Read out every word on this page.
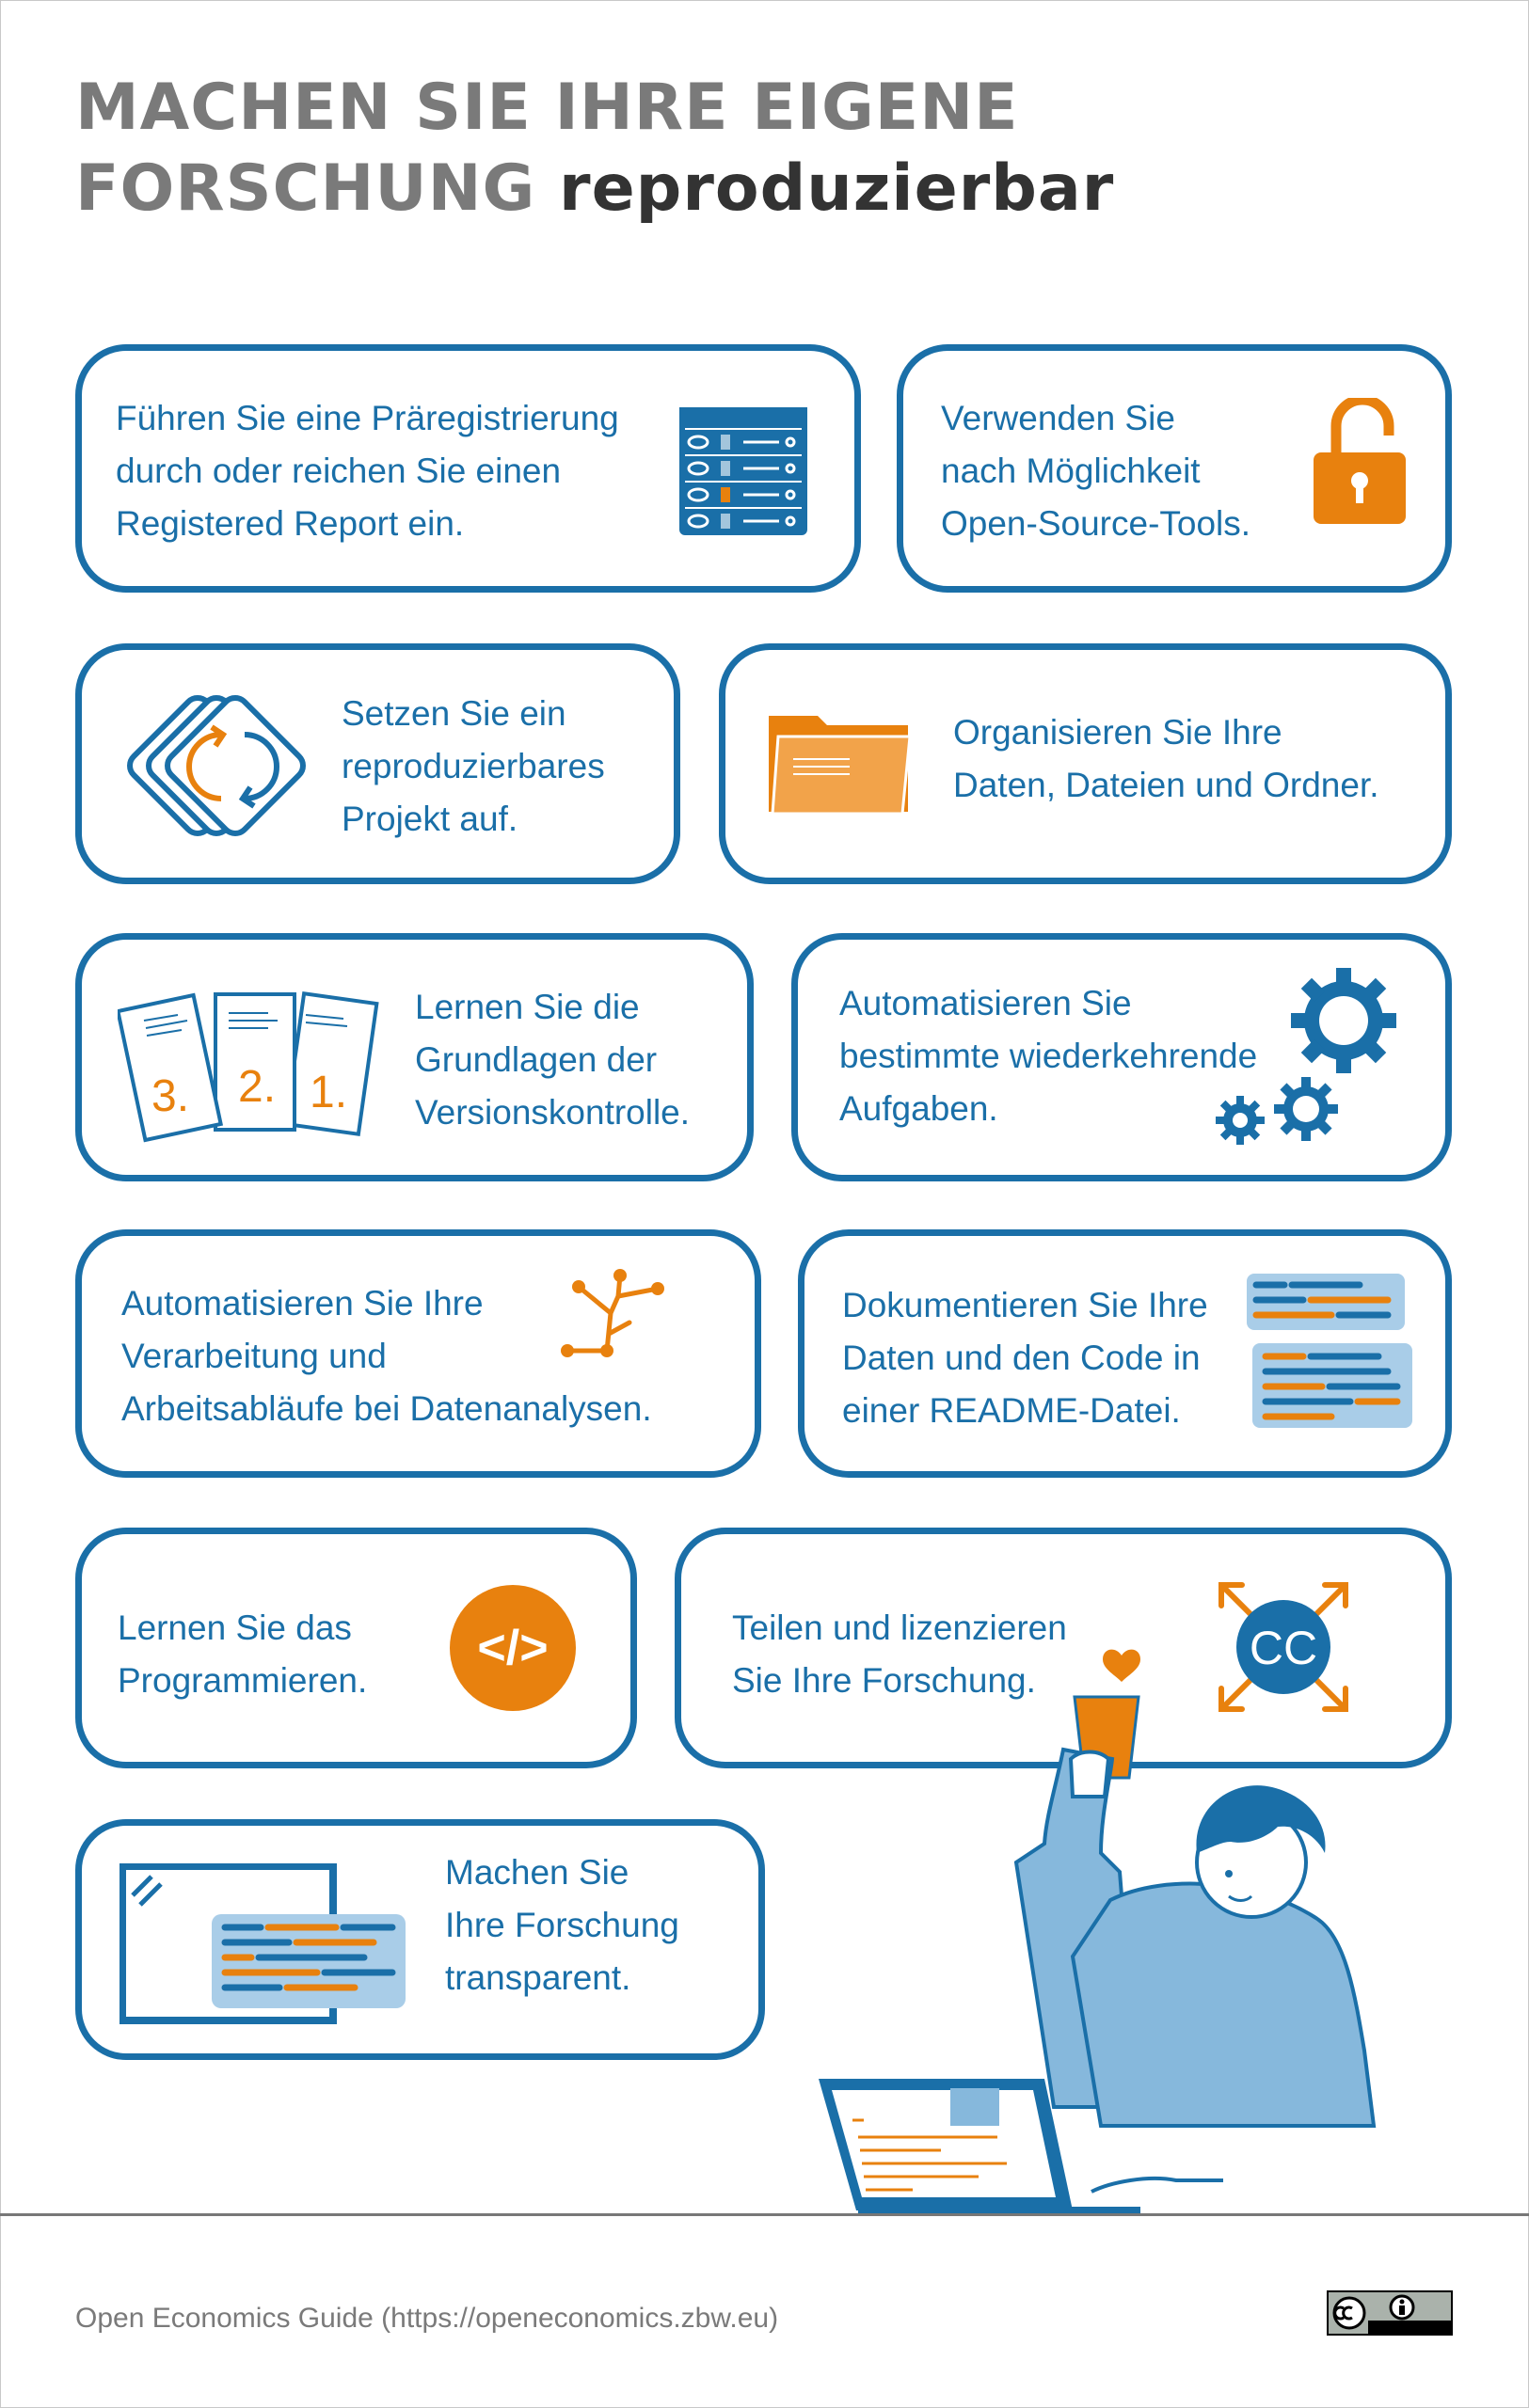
MACHEN SIE IHRE EIGENE
FORSCHUNG reproduzierbar
Führen Sie eine Präregistrierung
durch oder reichen Sie einen
Registered Report ein.
Verwenden Sie
nach Möglichkeit
Open-Source-Tools.
Setzen Sie ein
reproduzierbares
Projekt auf.
Organisieren Sie Ihre
Daten, Dateien und Ordner.
Lernen Sie die
Grundlagen der
Versionskontrolle.
3. 2. 1.
Automatisieren Sie
bestimmte wiederkehrende
Aufgaben.
Automatisieren Sie Ihre
Verarbeitung und
Arbeitsabläufe bei Datenanalysen.
Dokumentieren Sie Ihre
Daten und den Code in
einer README-Datei.
Lernen Sie das
Programmieren.
</>	Teilen und lizenzieren
Sie Ihre Forschung.
CC
Machen Sie
Ihre Forschung
transparent.
Open Economics Guide (https://openeconomics.zbw.eu)
